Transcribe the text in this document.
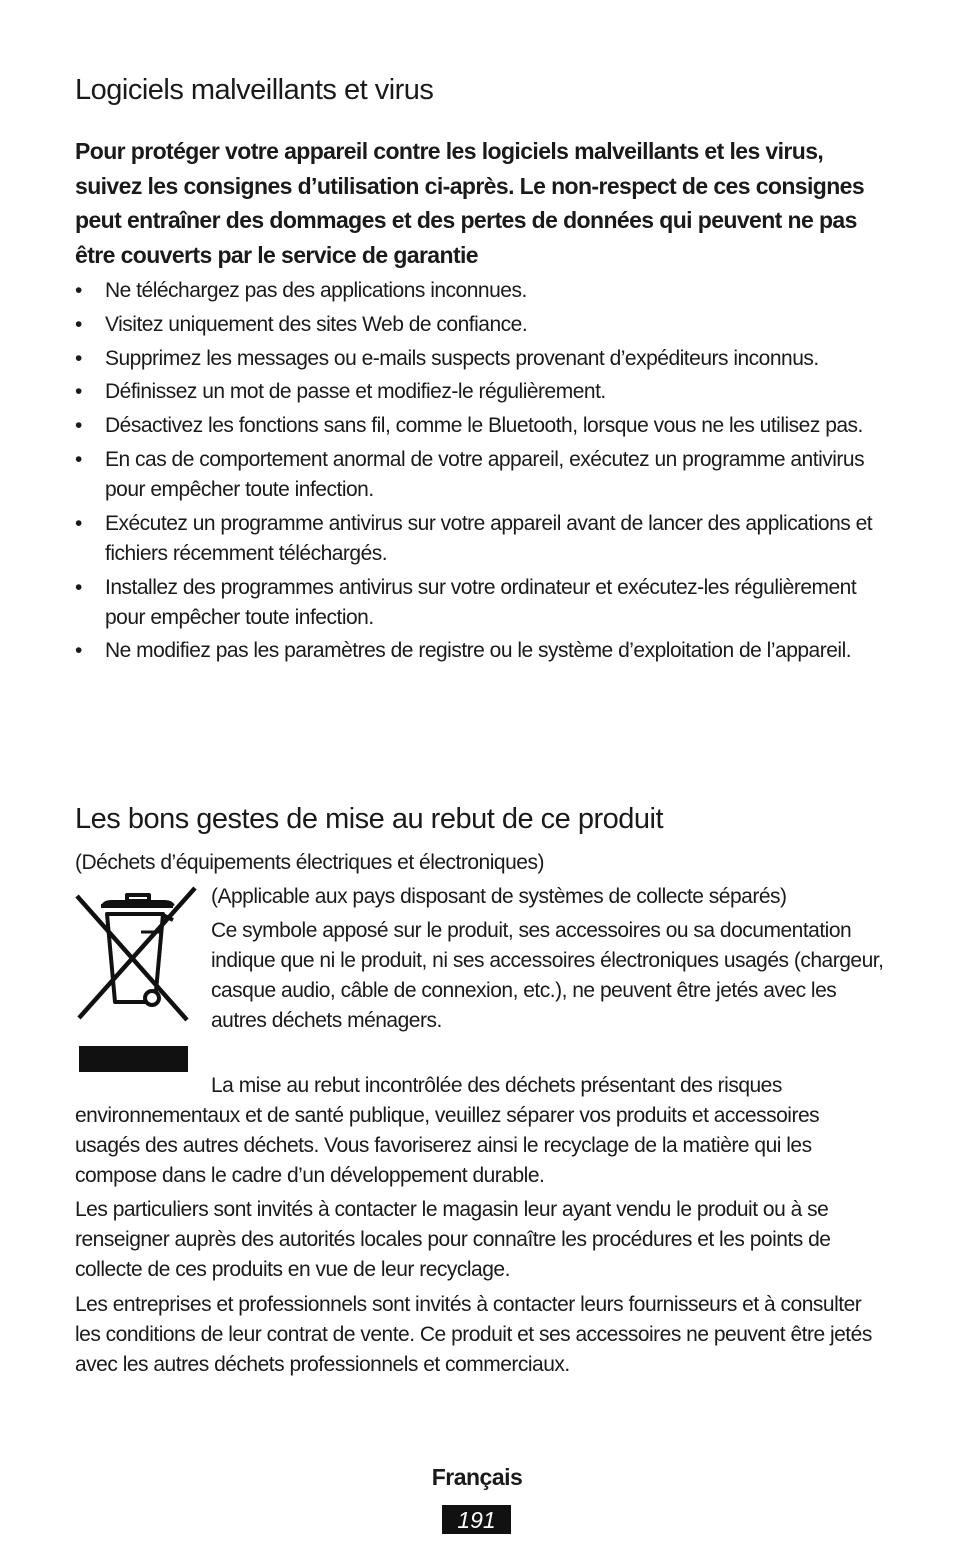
Logiciels malveillants et virus
Pour protéger votre appareil contre les logiciels malveillants et les virus, suivez les consignes d’utilisation ci-après. Le non-respect de ces consignes peut entraîner des dommages et des pertes de données qui peuvent ne pas être couverts par le service de garantie
•	Ne téléchargez pas des applications inconnues.
•	Visitez uniquement des sites Web de confiance.
•	Supprimez les messages ou e-mails suspects provenant d’expéditeurs inconnus.
•	Définissez un mot de passe et modifiez-le régulièrement.
•	Désactivez les fonctions sans fil, comme le Bluetooth, lorsque vous ne les utilisez pas.
•	En cas de comportement anormal de votre appareil, exécutez un programme antivirus pour empêcher toute infection.
•	Exécutez un programme antivirus sur votre appareil avant de lancer des applications et fichiers récemment téléchargés.
•	Installez des programmes antivirus sur votre ordinateur et exécutez-les régulièrement pour empêcher toute infection.
•	Ne modifiez pas les paramètres de registre ou le système d’exploitation de l’appareil.
Les bons gestes de mise au rebut de ce produit
(Déchets d’équipements électriques et électroniques)
(Applicable aux pays disposant de systèmes de collecte séparés)
Ce symbole apposé sur le produit, ses accessoires ou sa documentation indique que ni le produit, ni ses accessoires électroniques usagés (chargeur, casque audio, câble de connexion, etc.), ne peuvent être jetés avec les autres déchets ménagers.
La mise au rebut incontrôlée des déchets présentant des risques environnementaux et de santé publique, veuillez séparer vos produits et accessoires usagés des autres déchets. Vous favoriserez ainsi le recyclage de la matière qui les compose dans le cadre d’un développement durable.
Les particuliers sont invités à contacter le magasin leur ayant vendu le produit ou à se renseigner auprès des autorités locales pour connaître les procédures et les points de collecte de ces produits en vue de leur recyclage.
Les entreprises et professionnels sont invités à contacter leurs fournisseurs et à consulter les conditions de leur contrat de vente. Ce produit et ses accessoires ne peuvent être jetés avec les autres déchets professionnels et commerciaux.
Français
191
